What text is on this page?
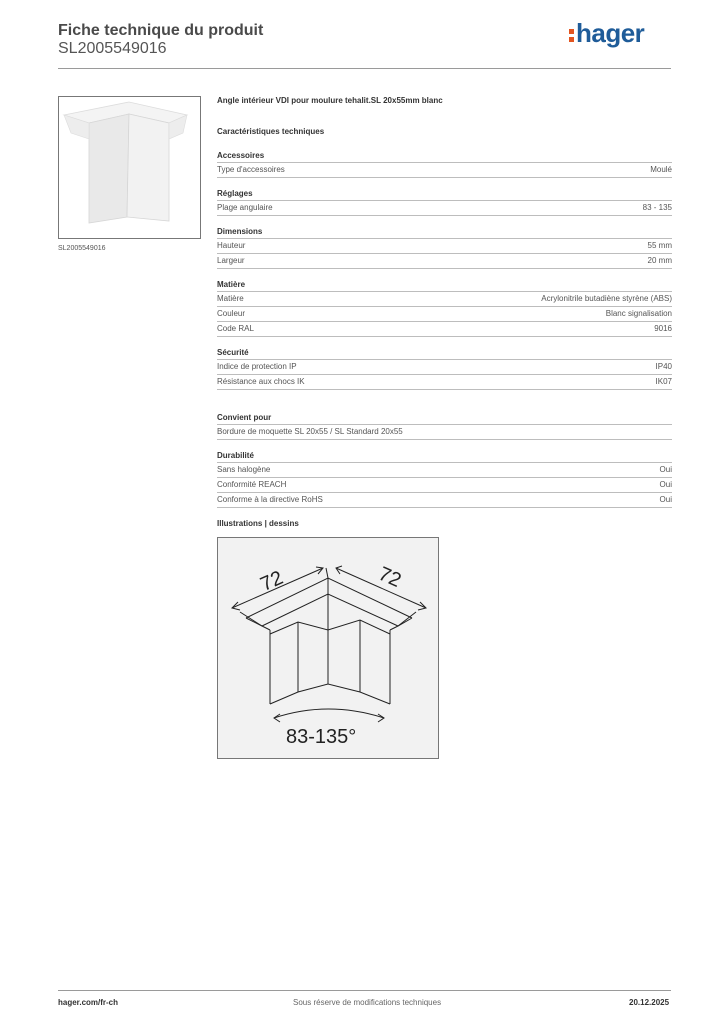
Fiche technique du produit
SL2005549016
hager
SL2005549016
Angle intérieur VDI pour moulure tehalit.SL 20x55mm blanc
Caractéristiques techniques
Accessoires
Type d'accessoires	Moulé
Réglages
Plage angulaire	83 - 135
Dimensions
Hauteur	55 mm
Largeur	20 mm
Matière
Matière	Acrylonitrile butadiène styrène (ABS)
Couleur	Blanc signalisation
Code RAL	9016
Sécurité
Indice de protection IP	IP40
Résistance aux chocs IK	IK07
Convient pour
Bordure de moquette SL 20x55 / SL Standard 20x55
Durabilité
Sans halogène	Oui
Conformité REACH	Oui
Conforme à la directive RoHS	Oui
Illustrations | dessins
72	72
83-135°
hager.com/fr-ch	Sous réserve de modifications techniques	20.12.2025
